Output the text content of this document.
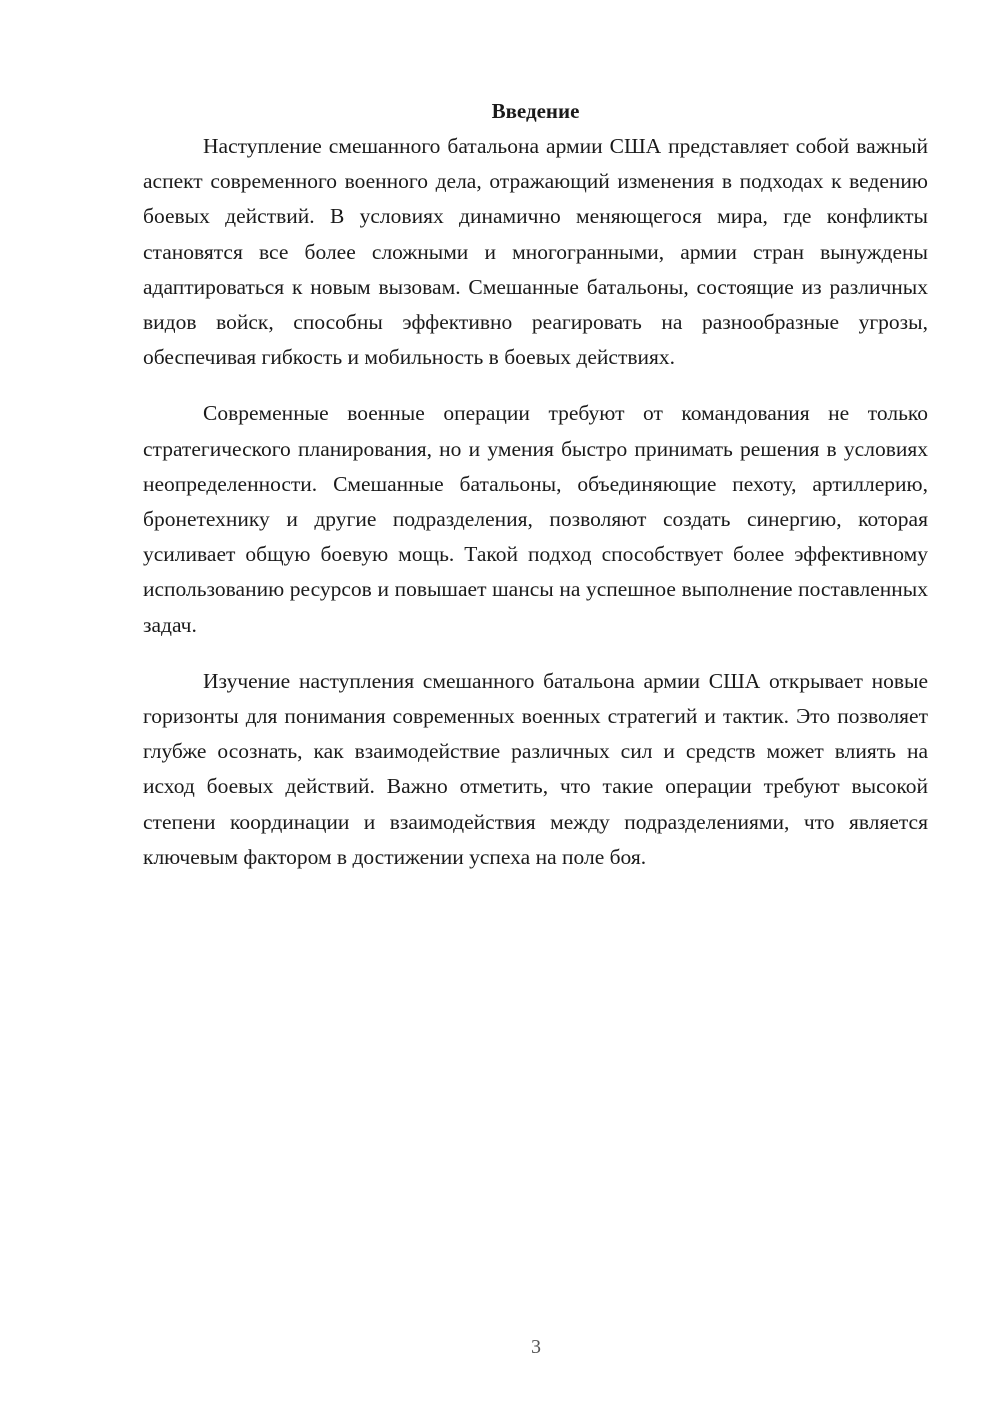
Введение

Наступление смешанного батальона армии США представляет собой важный аспект современного военного дела, отражающий изменения в подходах к ведению боевых действий. В условиях динамично меняющегося мира, где конфликты становятся все более сложными и многогранными, армии стран вынуждены адаптироваться к новым вызовам. Смешанные батальоны, состоящие из различных видов войск, способны эффективно реагировать на разнообразные угрозы, обеспечивая гибкость и мобильность в боевых действиях.

Современные военные операции требуют от командования не только стратегического планирования, но и умения быстро принимать решения в условиях неопределенности. Смешанные батальоны, объединяющие пехоту, артиллерию, бронетехнику и другие подразделения, позволяют создать синергию, которая усиливает общую боевую мощь. Такой подход способствует более эффективному использованию ресурсов и повышает шансы на успешное выполнение поставленных задач.

Изучение наступления смешанного батальона армии США открывает новые горизонты для понимания современных военных стратегий и тактик. Это позволяет глубже осознать, как взаимодействие различных сил и средств может влиять на исход боевых действий. Важно отметить, что такие операции требуют высокой степени координации и взаимодействия между подразделениями, что является ключевым фактором в достижении успеха на поле боя.

3
